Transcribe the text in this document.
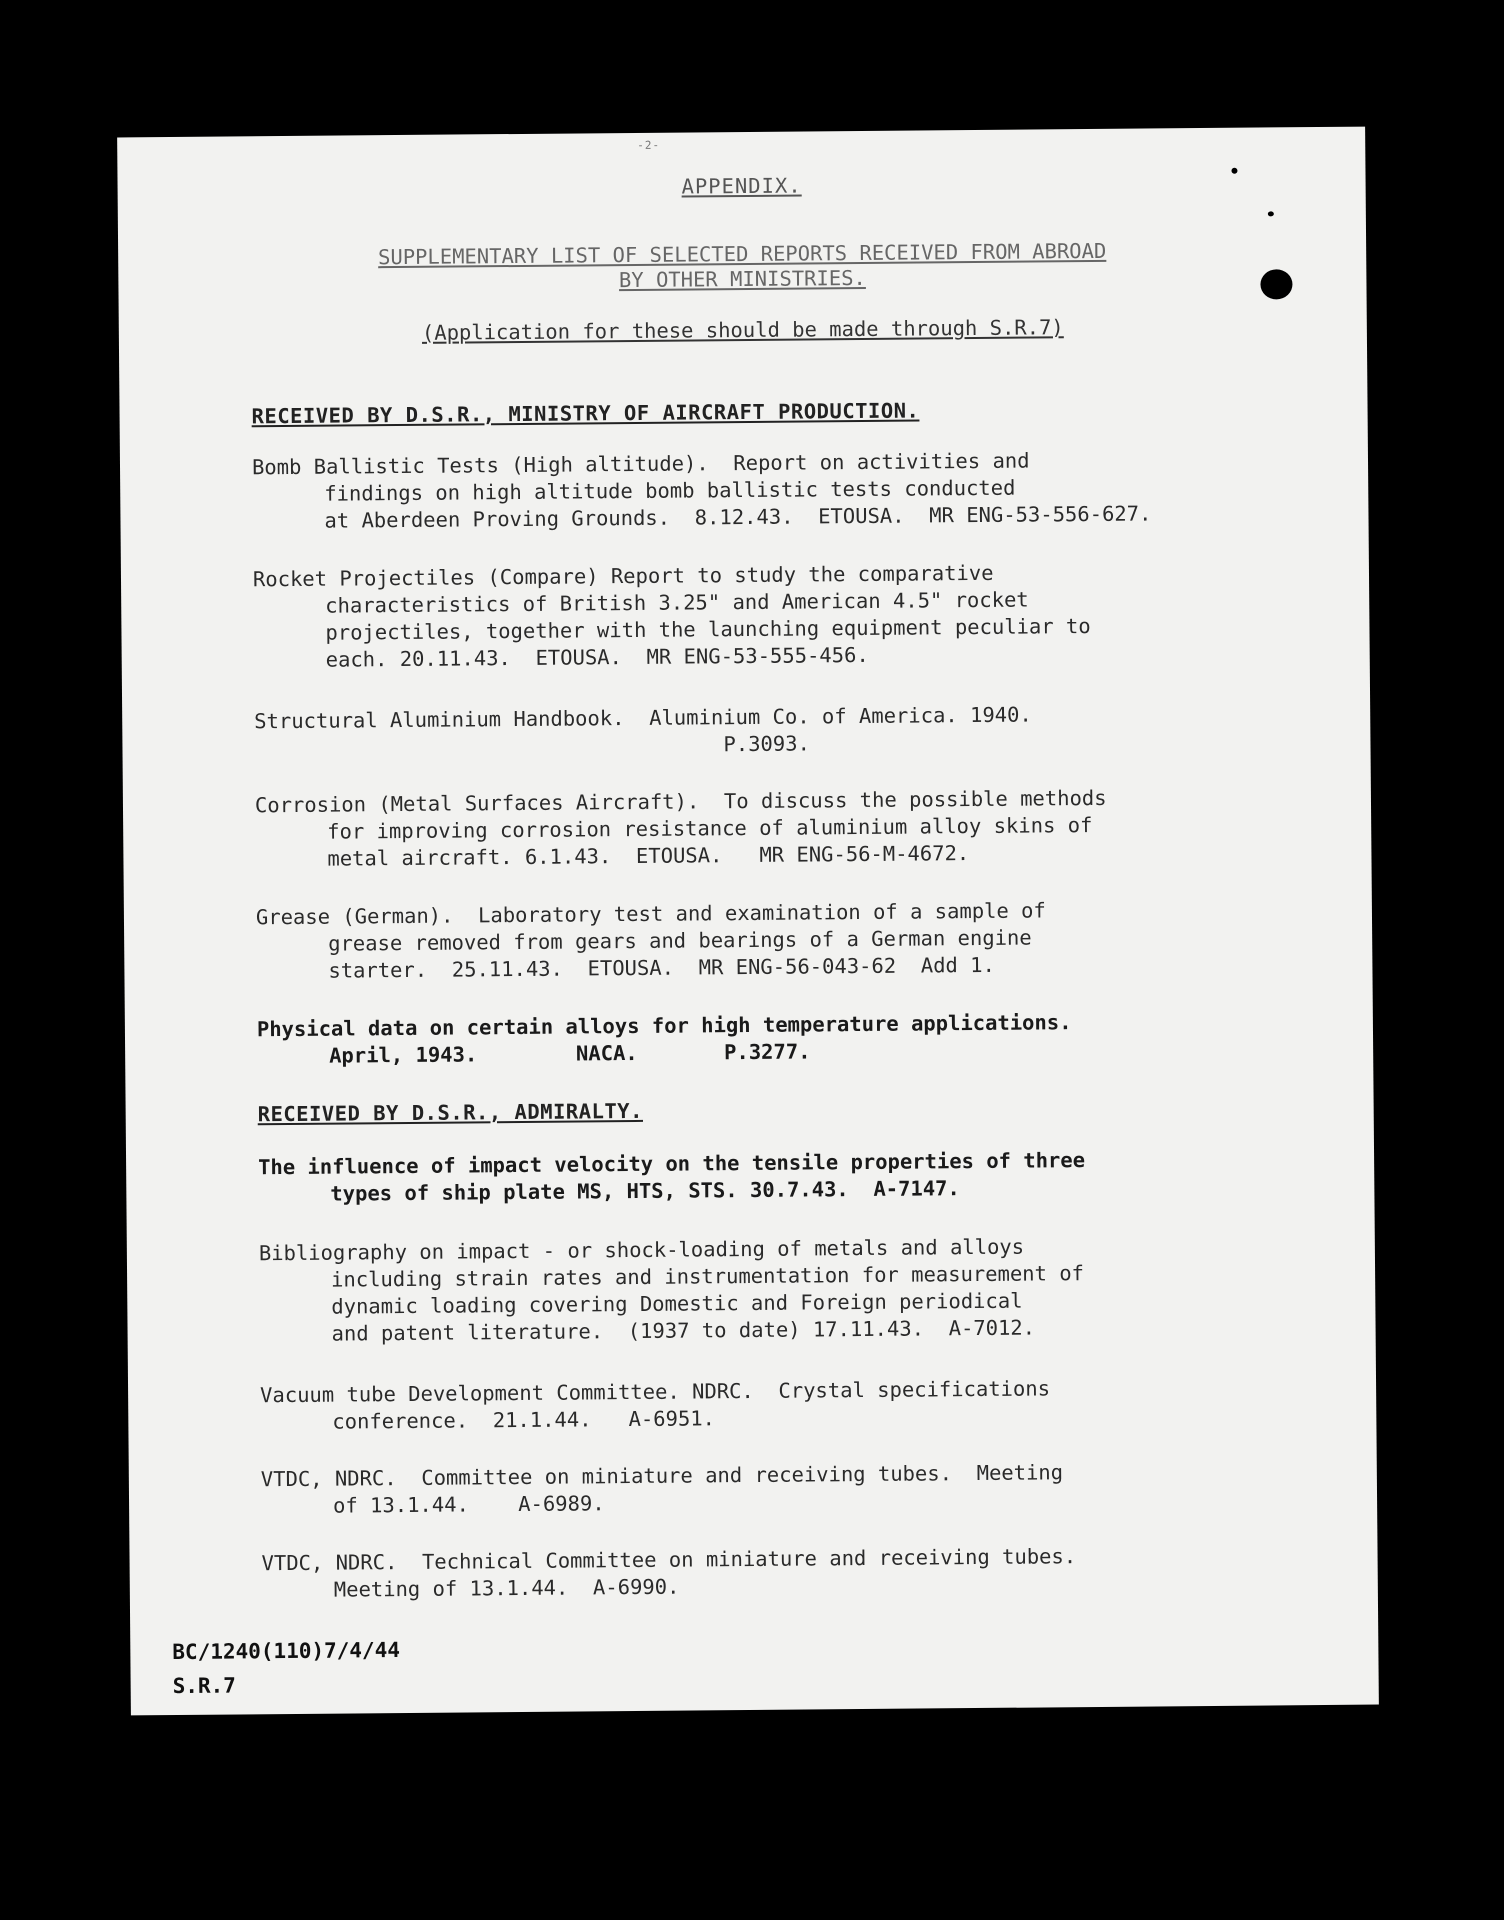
-2-
APPENDIX.
SUPPLEMENTARY LIST OF SELECTED REPORTS RECEIVED FROM ABROAD
BY OTHER MINISTRIES.
(Application for these should be made through S.R.7)
RECEIVED BY D.S.R., MINISTRY OF AIRCRAFT PRODUCTION.
Bomb Ballistic Tests (High altitude).  Report on activities and
findings on high altitude bomb ballistic tests conducted
at Aberdeen Proving Grounds.  8.12.43.  ETOUSA.  MR ENG-53-556-627.
Rocket Projectiles (Compare) Report to study the comparative
characteristics of British 3.25" and American 4.5" rocket
projectiles, together with the launching equipment peculiar to
each. 20.11.43.  ETOUSA.  MR ENG-53-555-456.
Structural Aluminium Handbook.  Aluminium Co. of America. 1940.
P.3093.
Corrosion (Metal Surfaces Aircraft).  To discuss the possible methods
for improving corrosion resistance of aluminium alloy skins of
metal aircraft. 6.1.43.  ETOUSA.   MR ENG-56-M-4672.
Grease (German).  Laboratory test and examination of a sample of
grease removed from gears and bearings of a German engine
starter.  25.11.43.  ETOUSA.  MR ENG-56-043-62  Add 1.
Physical data on certain alloys for high temperature applications.
April, 1943.        NACA.       P.3277.
RECEIVED BY D.S.R., ADMIRALTY.
The influence of impact velocity on the tensile properties of three
types of ship plate MS, HTS, STS. 30.7.43.  A-7147.
Bibliography on impact - or shock-loading of metals and alloys
including strain rates and instrumentation for measurement of
dynamic loading covering Domestic and Foreign periodical
and patent literature.  (1937 to date) 17.11.43.  A-7012.
Vacuum tube Development Committee. NDRC.  Crystal specifications
conference.  21.1.44.   A-6951.
VTDC, NDRC.  Committee on miniature and receiving tubes.  Meeting
of 13.1.44.    A-6989.
VTDC, NDRC.  Technical Committee on miniature and receiving tubes.
Meeting of 13.1.44.  A-6990.
BC/1240(110)7/4/44
S.R.7
